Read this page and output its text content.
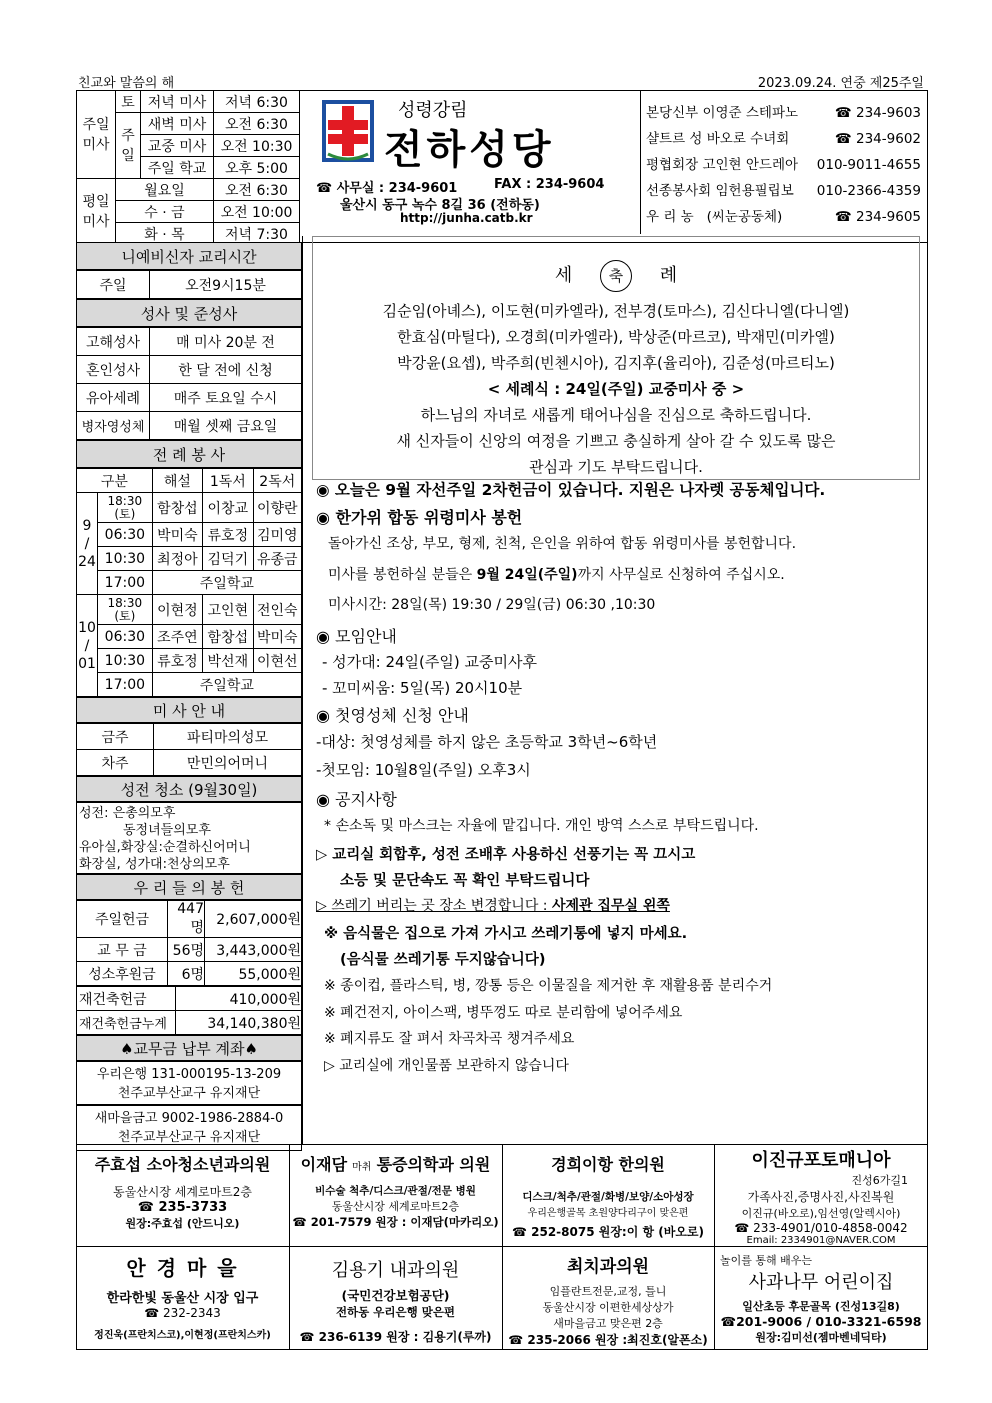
친교와 말씀의 해	2023.09.24. 연중 제25주일
주일
미사	토	저녁 미사	저녁 6:30
	주
일	새벽 미사	오전 6:30
		교중 미사	오전 10:30
		주일 학교	오후 5:00
평일
미사	월요일		오전 6:30
	수 · 금		오전 10:00
	화 · 목		저녁 7:30
성령강림
전하성당
☎ 사무실 : 234-9601	FAX : 234-9604
울산시 동구 녹수 8길 36 (전하동)
http://junha.catb.kr
본당신부 이영준 스테파노	☎ 234-9603
샬트르 성 바오로 수녀회	☎ 234-9602
평협회장 고인현 안드레아 010-9011-4655
선종봉사회 임헌용필립보 010-2366-4359
우 리 농   (씨눈공동체)	☎ 234-9605
니예비신자 교리시간
주일	오전9시15분
성사 및 준성사
고해성사	매 미사 20분 전
혼인성사	한 달 전에 신청
유아세례	매주 토요일 수시
병자영성체	매월 셋째 금요일
전 례 봉 사
구분		해설	1독서	2독서
9
/
24	18:30
(토)	함창섭	이창교	이향란
	06:30	박미숙	류호정	김미영
	10:30	최정아	김덕기	유종금
	17:00	주일학교		
10
/
01	18:30
(토)	이현정	고인현	전인숙
	06:30	조주연	함창섭	박미숙
	10:30	류호정	박선재	이현선
	17:00	주일학교		
미 사 안 내
금주	파티마의성모
차주	만민의어머니
성전 청소 (9월30일)
성전: 은총의모후
동정녀들의모후
유아실,화장실:순결하신어머니
화장실, 성가대:천상의모후
우 리 들 의 봉 헌
주일헌금	447명	2,607,000원
교 무 금	56명	3,443,000원
성소후원금	6명	55,000원
재건축헌금	410,000원
재건축헌금누계	34,140,380원
♠교무금 납부 계좌♠
우리은행 131-000195-13-209
천주교부산교구 유지재단
새마을금고 9002-1986-2884-0
천주교부산교구 유지재단
세 축 례
김순임(아녜스), 이도현(미카엘라), 전부경(토마스), 김신다니엘(다니엘)
한효심(마틸다), 오경희(미카엘라), 박상준(마르코), 박재민(미카엘)
박강윤(요셉), 박주희(빈첸시아), 김지후(율리아), 김준성(마르티노)
< 세례식 : 24일(주일) 교중미사 중 >
하느님의 자녀로 새롭게 태어나심을 진심으로 축하드립니다.
새 신자들이 신앙의 여정을 기쁘고 충실하게 살아 갈 수 있도록 많은
관심과 기도 부탁드립니다.
◉ 오늘은 9월 자선주일 2차헌금이 있습니다. 지원은 나자렛 공동체입니다.
◉ 한가위 합동 위령미사 봉헌
돌아가신 조상, 부모, 형제, 친척, 은인을 위하여 합동 위령미사를 봉헌합니다.
미사를 봉헌하실 분들은 9월 24일(주일)까지 사무실로 신청하여 주십시오.
미사시간: 28일(목) 19:30 / 29일(금) 06:30 ,10:30
◉ 모임안내
- 성가대: 24일(주일) 교중미사후
- 꼬미씨움: 5일(목) 20시10분
◉ 첫영성체 신청 안내
-대상: 첫영성체를 하지 않은 초등학교 3학년~6학년
-첫모임: 10월8일(주일) 오후3시
◉ 공지사항
* 손소독 및 마스크는 자율에 맡깁니다. 개인 방역 스스로 부탁드립니다.
▷ 교리실 회합후, 성전 조배후 사용하신 선풍기는 꼭 끄시고
소등 및 문단속도 꼭 확인 부탁드립니다
▷ 쓰레기 버리는 곳 장소 변경합니다 : 사제관 집무실 왼쪽
※ 음식물은 집으로 가져 가시고 쓰레기통에 넣지 마세요.
(음식물 쓰레기통 두지않습니다)
※ 종이컵, 플라스틱, 병, 깡통 등은 이물질을 제거한 후 재활용품 분리수거
※ 폐건전지, 아이스팩, 병뚜껑도 따로 분리함에 넣어주세요
※ 폐지류도 잘 펴서 차곡차곡 챙겨주세요
▷ 교리실에 개인물품 보관하지 않습니다
주효섭 소아청소년과의원
동울산시장 세계로마트2층
☎ 235-3733
원장:주효섭 (안드니오)
이재담 마취 통증의학과 의원
비수술 척추/디스크/관절/전문 병원
동울산시장 세계로마트2층
☎ 201-7579 원장 : 이재담(마카리오)
경희이항 한의원
디스크/척추/관절/화병/보양/소아성장
우리은행골목 초원양다리구이 맞은편
☎ 252-8075 원장:이 항 (바오로)
이진규포토매니아
진성6가길1
가족사진,증명사진,사진복원
이진규(바오로),임선영(알렉시아)
☎ 233-4901/010-4858-0042
Email: 2334901@NAVER.COM
안 경 마 을
한라한빛 동울산 시장 입구
☎ 232-2343
정진욱(프란치스코),이현정(프란치스카)
김용기 내과의원
(국민건강보험공단)
전하동 우리은행 맞은편
☎ 236-6139 원장 : 김용기(루까)
최치과의원
임플란트전문,교정, 틀니
동울산시장 이편한세상상가
새마을금고 맞은편 2층
☎ 235-2066 원장 :최진호(알폰소)
놀이를 통해 배우는
사과나무 어린이집
일산초등 후문골목 (진성13길8)
☎201-9006 / 010-3321-6598
원장:김미선(젬마벤네딕타)
